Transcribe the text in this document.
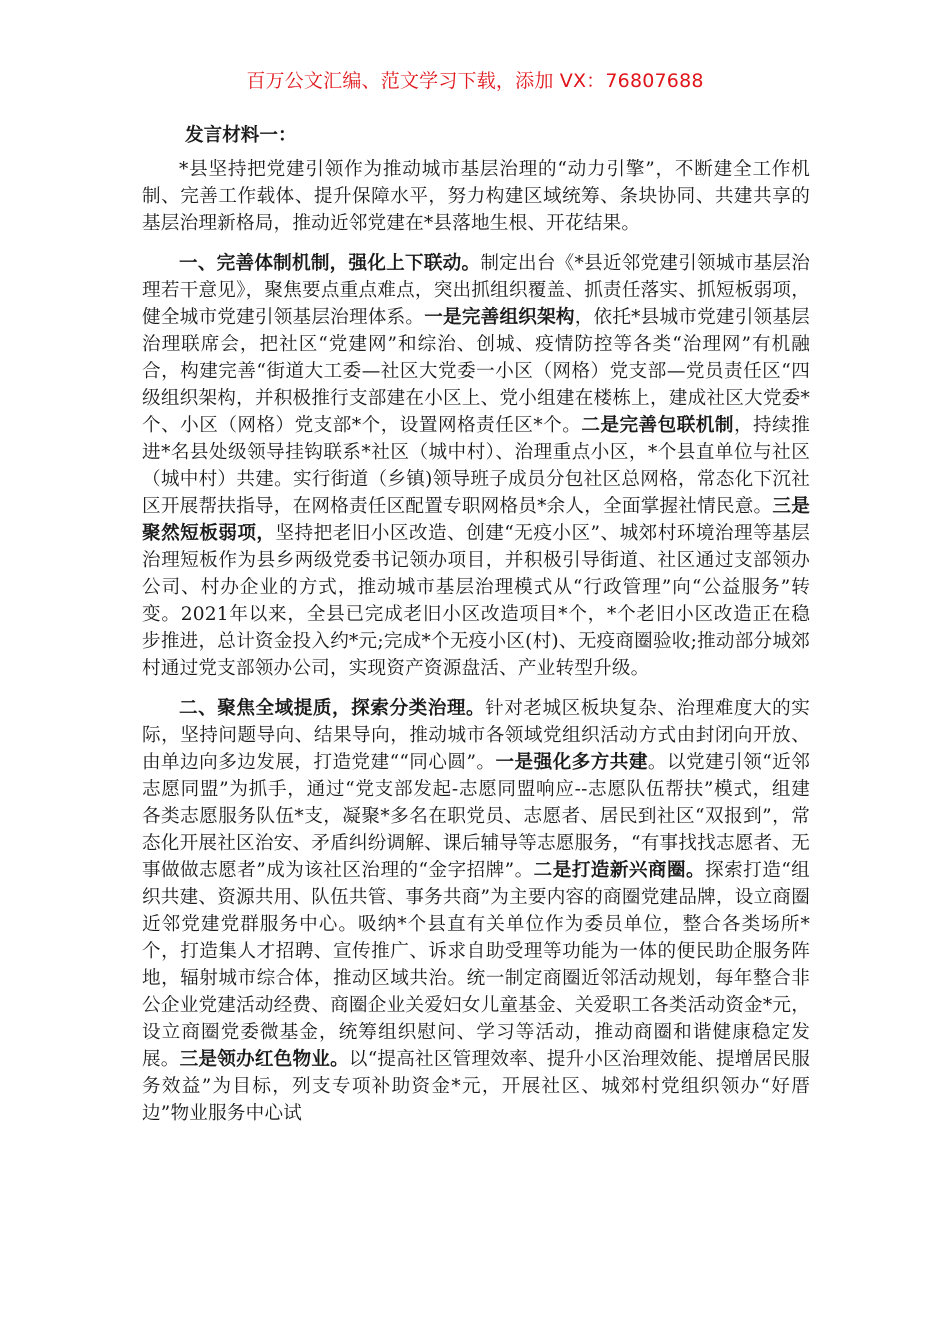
百万公文汇编、范文学习下载，添加 VX：76807688
发言材料一：

*县坚持把党建引领作为推动城市基层治理的“动力引擎”，不断建全工作机制、完善工作载体、提升保障水平，努力构建区域统筹、条块协同、共建共享的基层治理新格局，推动近邻党建在*县落地生根、开花结果。

一、完善体制机制，强化上下联动。制定出台《*县近邻党建引领城市基层治理若干意见》，聚焦要点重点难点，突出抓组织覆盖、抓责任落实、抓短板弱项，健全城市党建引领基层治理体系。一是完善组织架构，依托*县城市党建引领基层治理联席会，把社区“党建网”和综治、创城、疫情防控等各类“治理网”有机融合，构建完善“街道大工委—社区大党委一小区（网格）党支部—党员责任区“四级组织架构，并积极推行支部建在小区上、党小组建在楼栋上，建成社区大党委*个、小区（网格）党支部*个，设置网格责任区*个。二是完善包联机制，持续推进*名县处级领导挂钩联系*社区（城中村）、治理重点小区，*个县直单位与社区（城中村）共建。实行街道（乡镇)领导班子成员分包社区总网格，常态化下沉社区开展帮扶指导，在网格责任区配置专职网格员*余人，全面掌握社情民意。三是聚然短板弱项，坚持把老旧小区改造、创建“无疫小区”、城郊村环境治理等基层治理短板作为县乡两级党委书记领办项目，并积极引导街道、社区通过支部领办公司、村办企业的方式，推动城市基层治理模式从“行政管理”向“公益服务”转变。2021年以来，全县已完成老旧小区改造项目*个，*个老旧小区改造正在稳步推进，总计资金投入约*元;完成*个无疫小区(村)、无疫商圈验收;推动部分城郊村通过党支部领办公司，实现资产资源盘活、产业转型升级。

二、聚焦全域提质，探索分类治理。针对老城区板块复杂、治理难度大的实际，坚持问题导向、结果导向，推动城市各领域党组织活动方式由封闭向开放、由单边向多边发展，打造党建““同心圆”。一是强化多方共建。以党建引领“近邻志愿同盟”为抓手，通过“党支部发起-志愿同盟响应--志愿队伍帮扶”模式，组建各类志愿服务队伍*支，凝聚*多名在职党员、志愿者、居民到社区“双报到”，常态化开展社区治安、矛盾纠纷调解、课后辅导等志愿服务，“有事找找志愿者、无事做做志愿者”成为该社区治理的“金字招牌”。二是打造新兴商圈。探索打造“组织共建、资源共用、队伍共管、事务共商”为主要内容的商圈党建品牌，设立商圈近邻党建党群服务中心。吸纳*个县直有关单位作为委员单位，整合各类场所*个，打造集人才招聘、宣传推广、诉求自助受理等功能为一体的便民助企服务阵地，辐射城市综合体，推动区域共治。统一制定商圈近邻活动规划，每年整合非公企业党建活动经费、商圈企业关爱妇女儿童基金、关爱职工各类活动资金*元，设立商圈党委微基金，统筹组织慰问、学习等活动，推动商圈和谐健康稳定发展。三是领办红色物业。以“提高社区管理效率、提升小区治理效能、提增居民服务效益”为目标，列支专项补助资金*元，开展社区、城郊村党组织领办“好厝边”物业服务中心试
